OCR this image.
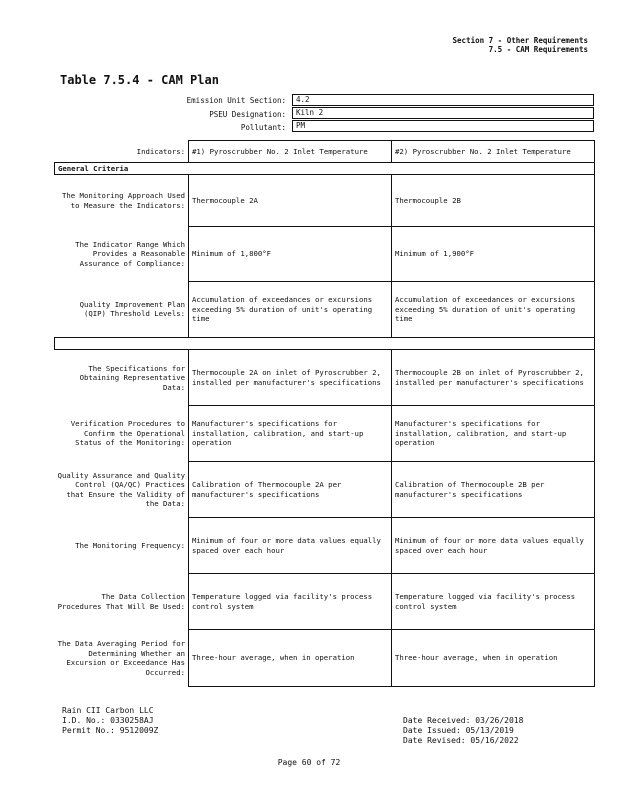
Section 7 - Other Requirements
7.5 - CAM Requirements
Table 7.5.4 - CAM Plan
Emission Unit Section:	4.2
PSEU Designation:	Kiln 2
Pollutant:	PM
Indicators:	#1) Pyroscrubber No. 2 Inlet Temperature	#2) Pyroscrubber No. 2 Inlet Temperature
General Criteria		
The Monitoring Approach Used to Measure the Indicators:	Thermocouple 2A	Thermocouple 2B
The Indicator Range Which Provides a Reasonable Assurance of Compliance:	Minimum of 1,800°F	Minimum of 1,900°F
Quality Improvement Plan (QIP) Threshold Levels:	Accumulation of exceedances or excursions exceeding 5% duration of unit's operating time	Accumulation of exceedances or excursions exceeding 5% duration of unit's operating time

The Specifications for Obtaining Representative Data:	Thermocouple 2A on inlet of Pyroscrubber 2, installed per manufacturer's specifications	Thermocouple 2B on inlet of Pyroscrubber 2, installed per manufacturer's specifications
Verification Procedures to Confirm the Operational Status of the Monitoring:	Manufacturer's specifications for installation, calibration, and start-up operation	Manufacturer's specifications for installation, calibration, and start-up operation
Quality Assurance and Quality Control (QA/QC) Practices that Ensure the Validity of the Data:	Calibration of Thermocouple 2A per manufacturer's specifications	Calibration of Thermocouple 2B per manufacturer's specifications
The Monitoring Frequency:	Minimum of four or more data values equally spaced over each hour	Minimum of four or more data values equally spaced over each hour
The Data Collection Procedures That Will Be Used:	Temperature logged via facility's process control system	Temperature logged via facility's process control system
The Data Averaging Period for Determining Whether an Excursion or Exceedance Has Occurred:	Three-hour average, when in operation	Three-hour average, when in operation
Rain CII Carbon LLC
I.D. No.: 0330258AJ
Permit No.: 9512009Z
Date Received: 03/26/2018
Date Issued: 05/13/2019
Date Revised: 05/16/2022
Page 60 of 72
